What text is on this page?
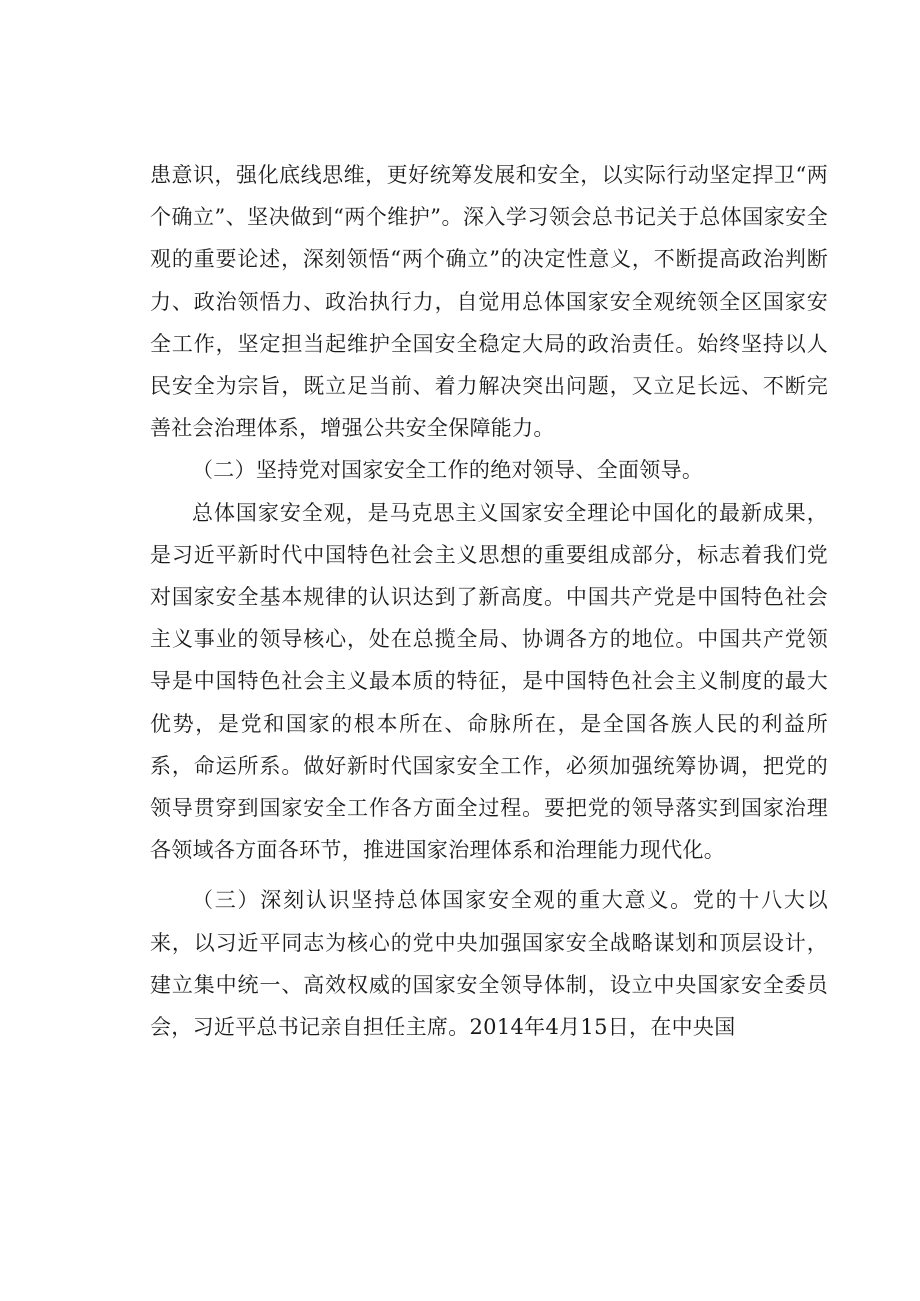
患意识，强化底线思维，更好统筹发展和安全，以实际行动坚定捍卫“两个确立”、坚决做到“两个维护”。深入学习领会总书记关于总体国家安全观的重要论述，深刻领悟“两个确立”的决定性意义，不断提高政治判断力、政治领悟力、政治执行力，自觉用总体国家安全观统领全区国家安全工作，坚定担当起维护全国安全稳定大局的政治责任。始终坚持以人民安全为宗旨，既立足当前、着力解决突出问题，又立足长远、不断完善社会治理体系，增强公共安全保障能力。

（二）坚持党对国家安全工作的绝对领导、全面领导。

总体国家安全观，是马克思主义国家安全理论中国化的最新成果，是习近平新时代中国特色社会主义思想的重要组成部分，标志着我们党对国家安全基本规律的认识达到了新高度。中国共产党是中国特色社会主义事业的领导核心，处在总揽全局、协调各方的地位。中国共产党领导是中国特色社会主义最本质的特征，是中国特色社会主义制度的最大优势，是党和国家的根本所在、命脉所在，是全国各族人民的利益所系，命运所系。做好新时代国家安全工作，必须加强统筹协调，把党的领导贯穿到国家安全工作各方面全过程。要把党的领导落实到国家治理各领域各方面各环节，推进国家治理体系和治理能力现代化。

（三）深刻认识坚持总体国家安全观的重大意义。党的十八大以来，以习近平同志为核心的党中央加强国家安全战略谋划和顶层设计，建立集中统一、高效权威的国家安全领导体制，设立中央国家安全委员会，习近平总书记亲自担任主席。2014年4月15日，在中央国
